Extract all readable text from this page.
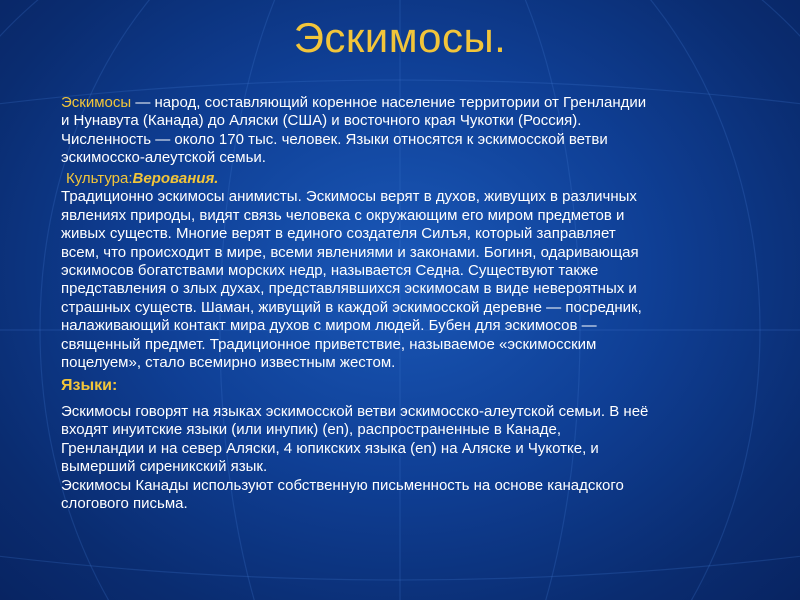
Эскимосы.
Эскимосы — народ, составляющий коренное население территории от Гренландии
и Нунавута (Канада) до Аляски (США) и восточного края Чукотки (Россия).
Численность — около 170 тыс. человек. Языки относятся к эскимосской ветви
эскимосско-алеутской семьи.
Культура:Верования.
Традиционно эскимосы анимисты. Эскимосы верят в духов, живущих в различных
явлениях природы, видят связь человека с окружающим его миром предметов и
живых существ. Многие верят в единого создателя Силъя, который заправляет
всем, что происходит в мире, всеми явлениями и законами. Богиня, одаривающая
эскимосов богатствами морских недр, называется Седна. Существуют также
представления о злых духах, представлявшихся эскимосам в виде невероятных и
страшных существ. Шаман, живущий в каждой эскимосской деревне — посредник,
налаживающий контакт мира духов с миром людей. Бубен для эскимосов —
священный предмет. Традиционное приветствие, называемое «эскимосским
поцелуем», стало всемирно известным жестом.
Языки:
Эскимосы говорят на языках эскимосской ветви эскимосско-алеутской семьи. В неё
входят инуитские языки (или инупик) (en), распространенные в Канаде,
Гренландии и на север Аляски, 4 юпикских языка (en) на Аляске и Чукотке, и
вымерший сиреникский язык.
Эскимосы Канады используют собственную письменность на основе канадского
слогового письма.
